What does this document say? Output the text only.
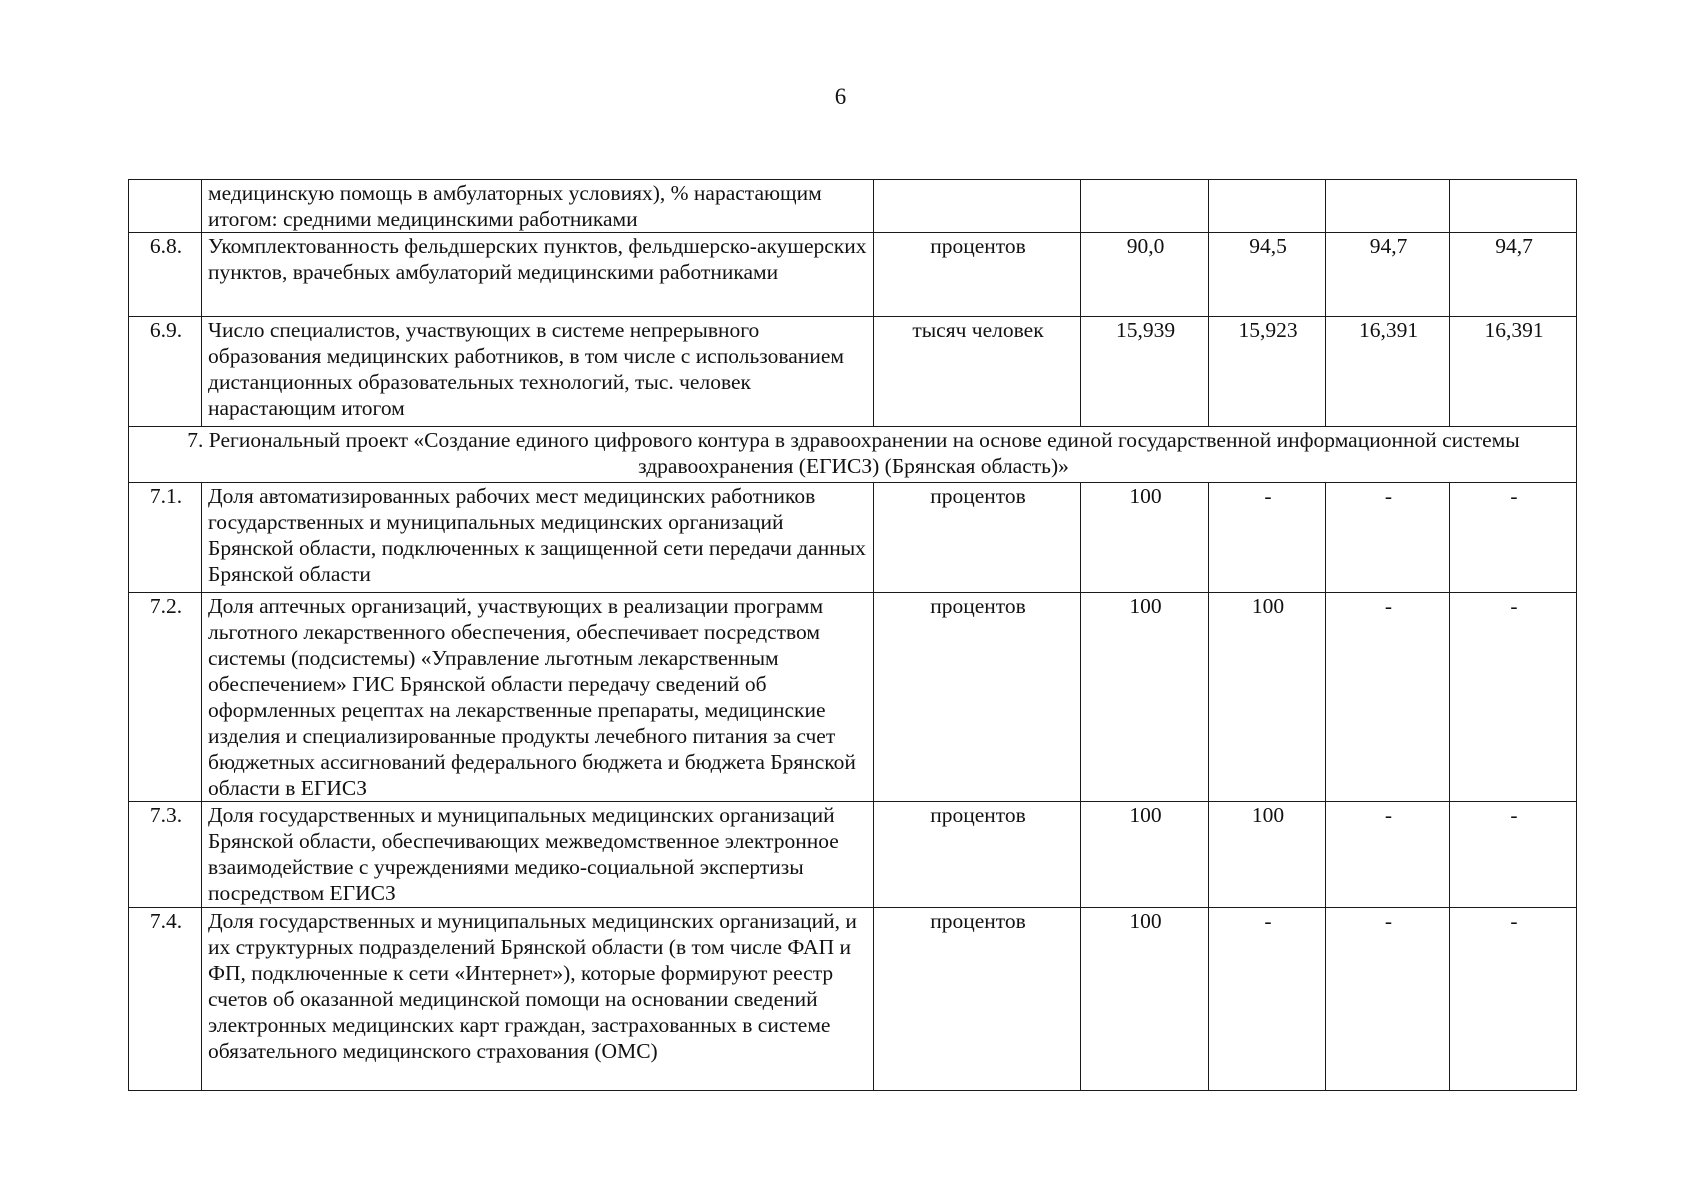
6
	медицинскую помощь в амбулаторных условиях), % нарастающим итогом: средними медицинскими работниками					
6.8.	Укомплектованность фельдшерских пунктов, фельдшерско-акушерских пунктов, врачебных амбулаторий медицинскими работниками	процентов	90,0	94,5	94,7	94,7
6.9.	Число специалистов, участвующих в системе непрерывного образования медицинских работников, в том числе с использованием дистанционных образовательных технологий, тыс. человек нарастающим итогом	тысяч человек	15,939	15,923	16,391	16,391
7. Региональный проект «Создание единого цифрового контура в здравоохранении на основе единой государственной информационной системы здравоохранения (ЕГИСЗ) (Брянская область)»						
7.1.	Доля автоматизированных рабочих мест медицинских работников государственных и муниципальных медицинских организаций Брянской области, подключенных к защищенной сети передачи данных Брянской области	процентов	100	-	-	-
7.2.	Доля аптечных организаций, участвующих в реализации программ льготного лекарственного обеспечения, обеспечивает посредством системы (подсистемы) «Управление льготным лекарственным обеспечением» ГИС Брянской области передачу сведений об оформленных рецептах на лекарственные препараты, медицинские изделия и специализированные продукты лечебного питания за счет бюджетных ассигнований федерального бюджета и бюджета Брянской области в ЕГИСЗ	процентов	100	100	-	-
7.3.	Доля государственных и муниципальных медицинских организаций Брянской области, обеспечивающих межведомственное электронное взаимодействие с учреждениями медико-социальной экспертизы посредством ЕГИСЗ	процентов	100	100	-	-
7.4.	Доля государственных и муниципальных медицинских организаций, и их структурных подразделений Брянской области (в том числе ФАП и ФП, подключенные к сети «Интернет»), которые формируют реестр счетов об оказанной медицинской помощи на основании сведений электронных медицинских карт граждан, застрахованных в системе обязательного медицинского страхования (ОМС)	процентов	100	-	-	-
